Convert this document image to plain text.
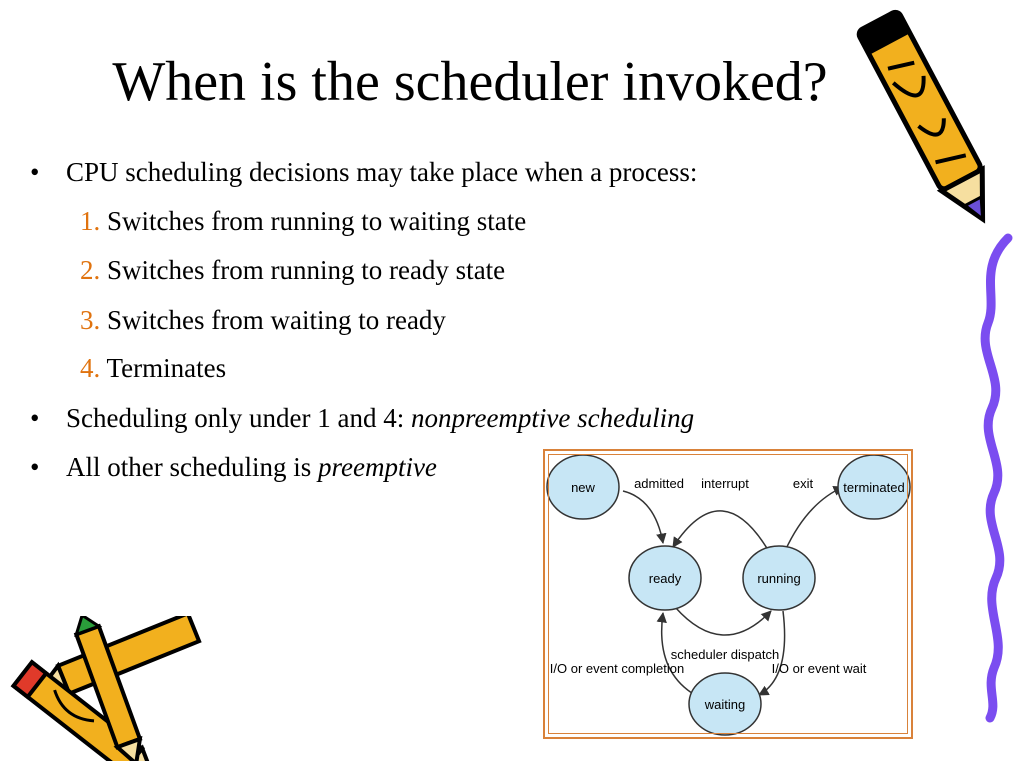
When is the scheduler invoked?
• CPU scheduling decisions may take place when a process:
1. Switches from running to waiting state
2. Switches from running to ready state
3. Switches from waiting to ready
4. Terminates
• Scheduling only under 1 and 4: nonpreemptive scheduling
• All other scheduling is preemptive
new	terminated
ready	running
waiting
admitted interrupt	exit
scheduler dispatch
I/O or event completion	I/O or event wait
